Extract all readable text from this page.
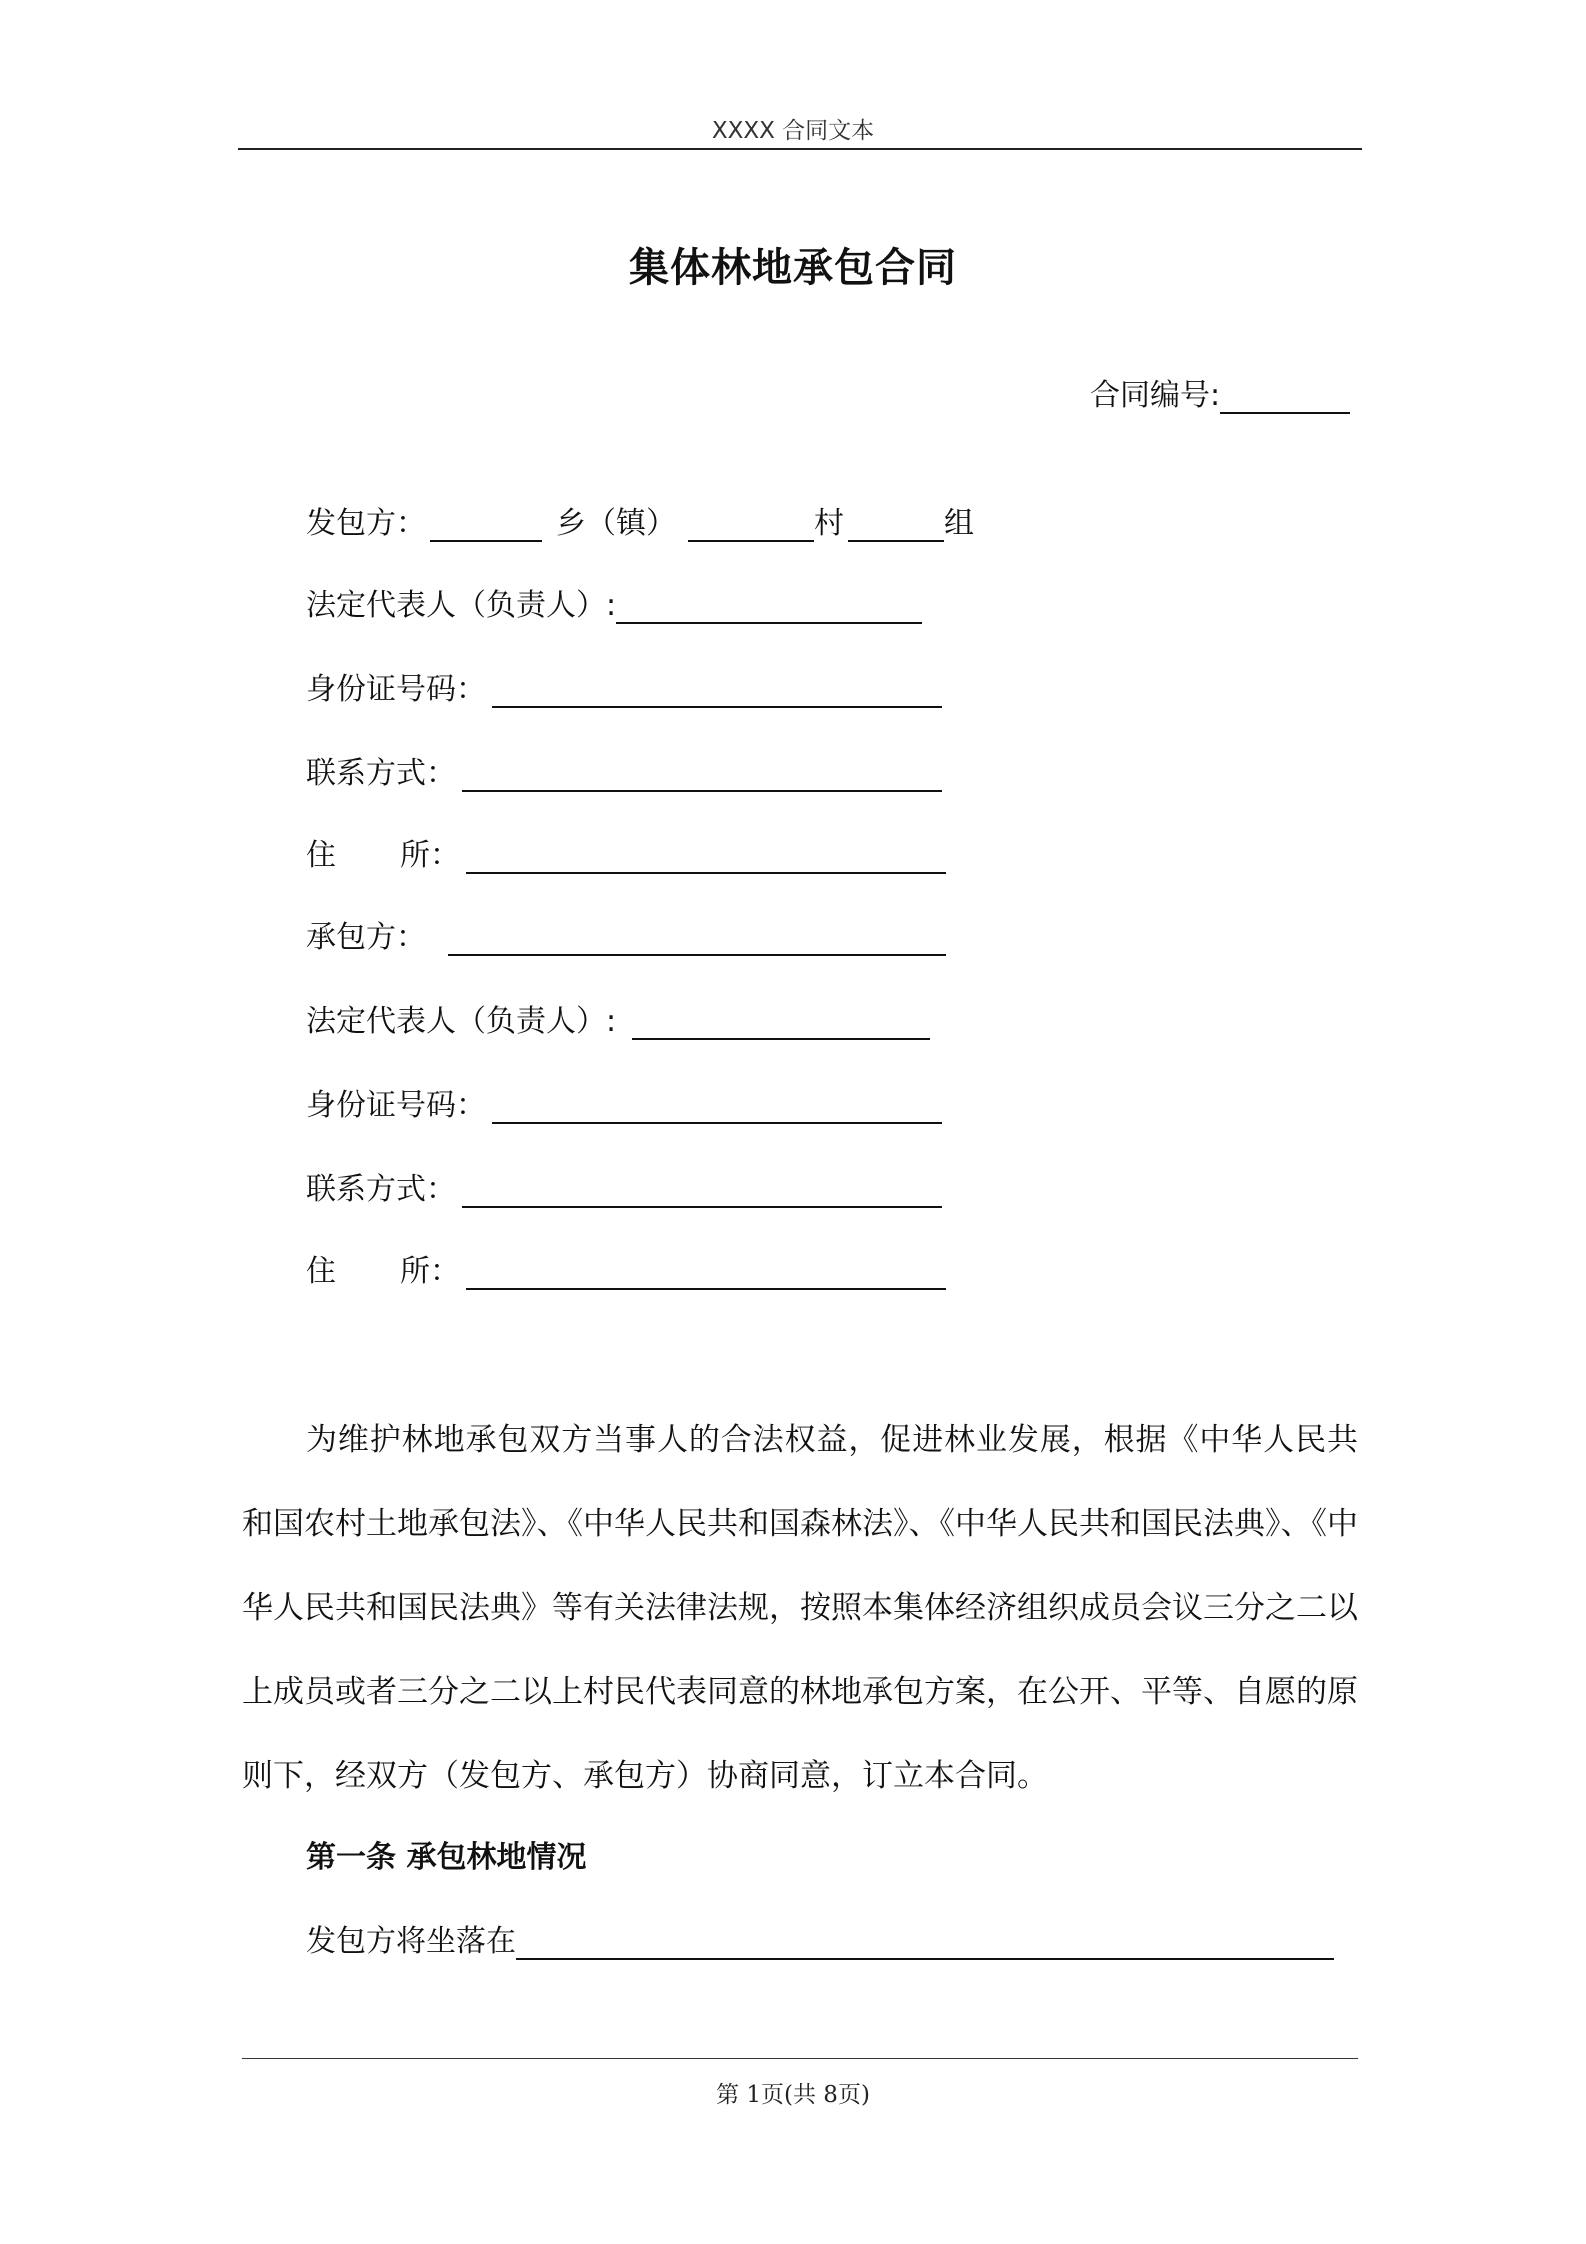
XXXX 合同文本
集体林地承包合同
合同编号:
发包方：	乡（镇）	村	组
法定代表人（负责人）:
身份证号码：
联系方式：
住 所：
承包方：
法定代表人（负责人）:
身份证号码：
联系方式：
住 所：

为维护林地承包双方当事人的合法权益，促进林业发展，根据《中华人民共和国农村土地承包法》、《中华人民共和国森林法》、《中华人民共和国民法典》、《中华人民共和国民法典》等有关法律法规，按照本集体经济组织成员会议三分之二以上成员或者三分之二以上村民代表同意的林地承包方案，在公开、平等、自愿的原则下，经双方（发包方、承包方）协商同意，订立本合同。

第一条 承包林地情况
发包方将坐落在
第 1页(共 8页)
